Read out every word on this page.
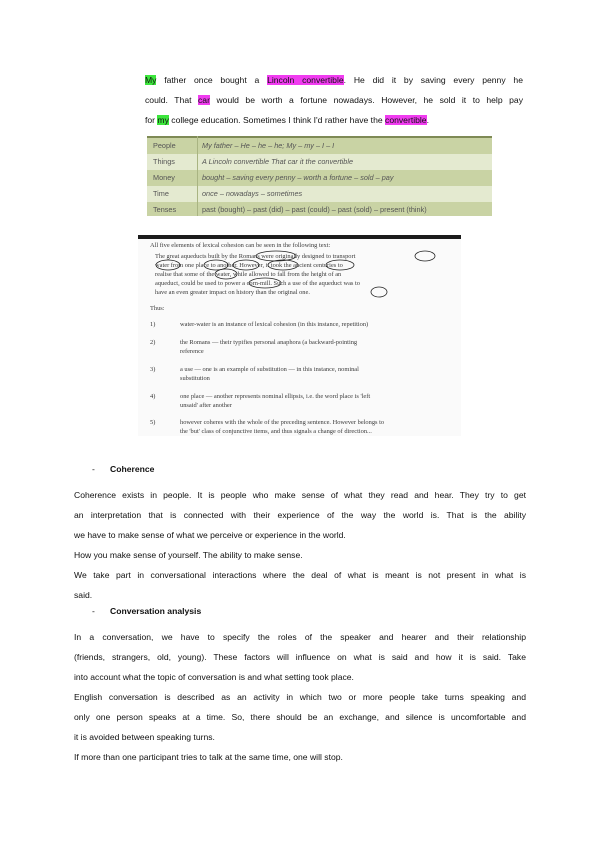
My father once bought a Lincoln convertible. He did it by saving every penny he
could. That car would be worth a fortune nowadays. However, he sold it to help pay
for my college education. Sometimes I think I'd rather have the convertible.
People	My father – He – he – he; My – my – I – I
Things	A Lincoln convertible That car it the convertible
Money	bought – saving every penny – worth a fortune – sold – pay
Time	once – nowadays – sometimes
Tenses	past (bought) – past (did) – past (could) – past (sold) – present (think)
All five elements of lexical cohesion can be seen in the following text:
The great aqueducts built by the Romans were originally designed to transport
water from one place to another. However, it took the ancient centuries to
realise that some of the water, while allowed to fall from the height of an
aqueduct, could be used to power a corn-mill. Such a use of the aqueduct was to
have an even greater impact on history than the original one.
Thus:
1)	water-water is an instance of lexical cohesion (in this instance, repetition)
2)	the Romans — their typifies personal anaphora (a backward-pointing
reference
3)	a use — one is an example of substitution — in this instance, nominal
substitution
4)	one place — another represents nominal ellipsis, i.e. the word place is 'left
unsaid' after another
5)	however coheres with the whole of the preceding sentence. However belongs to
the 'but' class of conjunctive items, and thus signals a change of direction...
- Coherence
Coherence exists in people. It is people who make sense of what they read and hear. They try to get
an interpretation that is connected with their experience of the way the world is. That is the ability
we have to make sense of what we perceive or experience in the world.
How you make sense of yourself. The ability to make sense.
We take part in conversational interactions where the deal of what is meant is not present in what is
said.
- Conversation analysis
In a conversation, we have to specify the roles of the speaker and hearer and their relationship
(friends, strangers, old, young). These factors will influence on what is said and how it is said. Take
into account what the topic of conversation is and what setting took place.
English conversation is described as an activity in which two or more people take turns speaking and
only one person speaks at a time. So, there should be an exchange, and silence is uncomfortable and
it is avoided between speaking turns.
If more than one participant tries to talk at the same time, one will stop.
